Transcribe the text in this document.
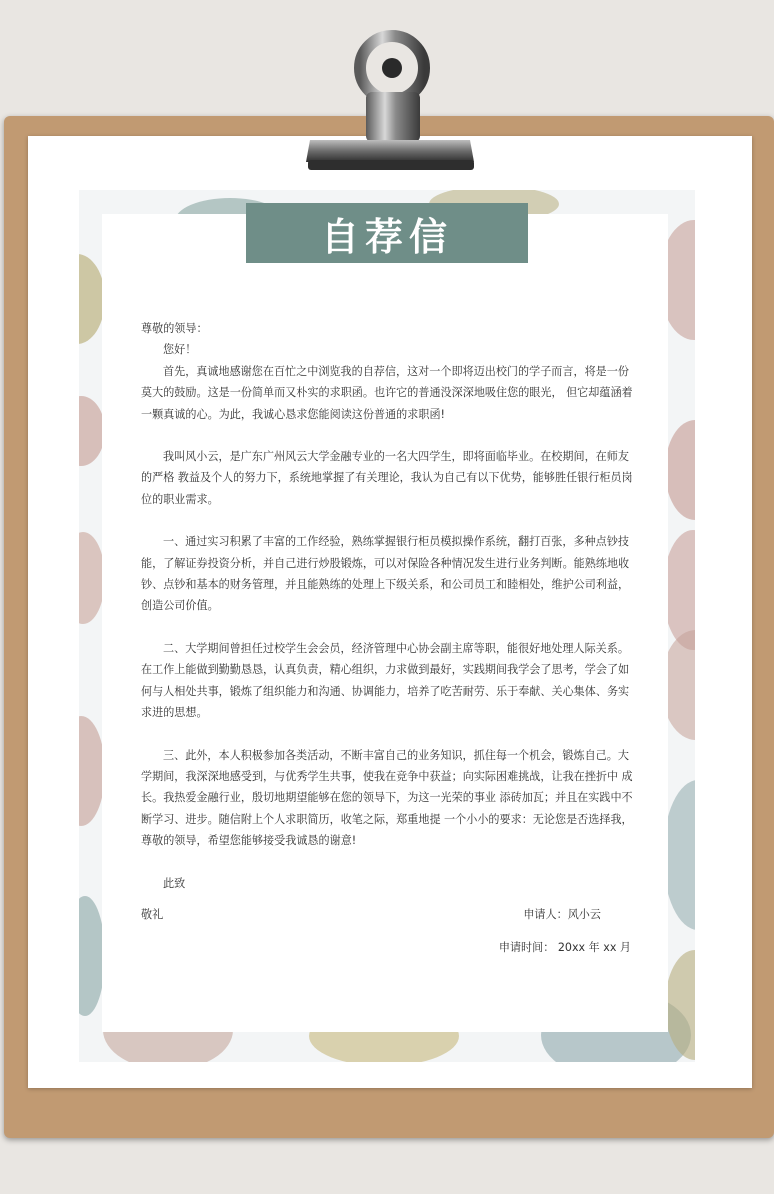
自荐信

尊敬的领导：

您好！

首先，真诚地感谢您在百忙之中浏览我的自荐信，这对一个即将迈出校门的学子而言，将是一份莫大的鼓励。这是一份简单而又朴实的求职函。也许它的普通没深深地吸住您的眼光， 但它却蕴涵着一颗真诚的心。为此，我诚心恳求您能阅读这份普通的求职函!

我叫风小云，是广东广州风云大学金融专业的一名大四学生，即将面临毕业。在校期间，在师友的严格 教益及个人的努力下，系统地掌握了有关理论，我认为自己有以下优势，能够胜任银行柜员岗位的职业需求。

一、通过实习积累了丰富的工作经验，熟练掌握银行柜员模拟操作系统，翻打百张，多种点钞技能，了解证券投资分析，并自己进行炒股锻炼，可以对保险各种情况发生进行业务判断。能熟练地收钞、点钞和基本的财务管理，并且能熟练的处理上下级关系，和公司员工和睦相处，维护公司利益，创造公司价值。

二、大学期间曾担任过校学生会会员，经济管理中心协会副主席等职，能很好地处理人际关系。在工作上能做到勤勤恳恳，认真负责，精心组织，力求做到最好，实践期间我学会了思考，学会了如何与人相处共事，锻炼了组织能力和沟通、协调能力，培养了吃苦耐劳、乐于奉献、关心集体、务实求进的思想。

三、此外，本人积极参加各类活动，不断丰富自己的业务知识，抓住每一个机会，锻炼自己。大学期间，我深深地感受到，与优秀学生共事，使我在竞争中获益；向实际困难挑战，让我在挫折中 成长。我热爱金融行业，殷切地期望能够在您的领导下，为这一光荣的事业 添砖加瓦；并且在实践中不断学习、进步。随信附上个人求职简历，收笔之际，郑重地提 一个小小的要求：无论您是否选择我，尊敬的领导，希望您能够接受我诚恳的谢意!

此致

敬礼	申请人：风小云

申请时间： 20xx 年 xx 月
